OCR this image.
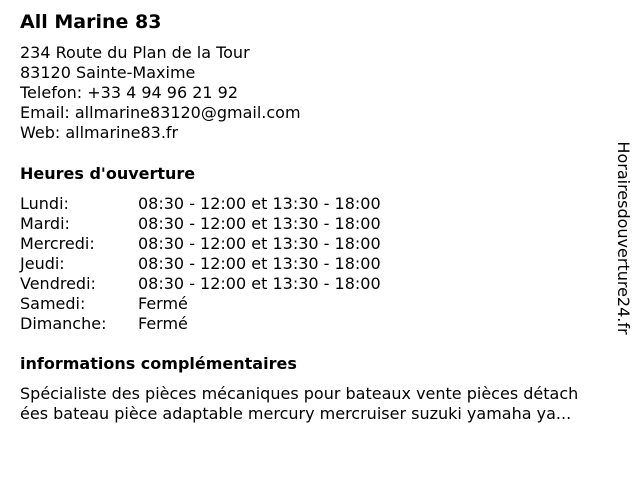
All Marine 83
234 Route du Plan de la Tour
83120 Sainte-Maxime
Telefon: +33 4 94 96 21 92
Email: allmarine83120@gmail.com
Web: allmarine83.fr
Heures d'ouverture
Lundi:	08:30 - 12:00 et 13:30 - 18:00
Mardi:	08:30 - 12:00 et 13:30 - 18:00
Mercredi:	08:30 - 12:00 et 13:30 - 18:00
Jeudi:	08:30 - 12:00 et 13:30 - 18:00
Vendredi:	08:30 - 12:00 et 13:30 - 18:00
Samedi:	Fermé
Dimanche: Fermé
informations complémentaires
Spécialiste des pièces mécaniques pour bateaux vente pièces détach
ées bateau pièce adaptable mercury mercruiser suzuki yamaha ya...
Horairesdouverture24.fr
